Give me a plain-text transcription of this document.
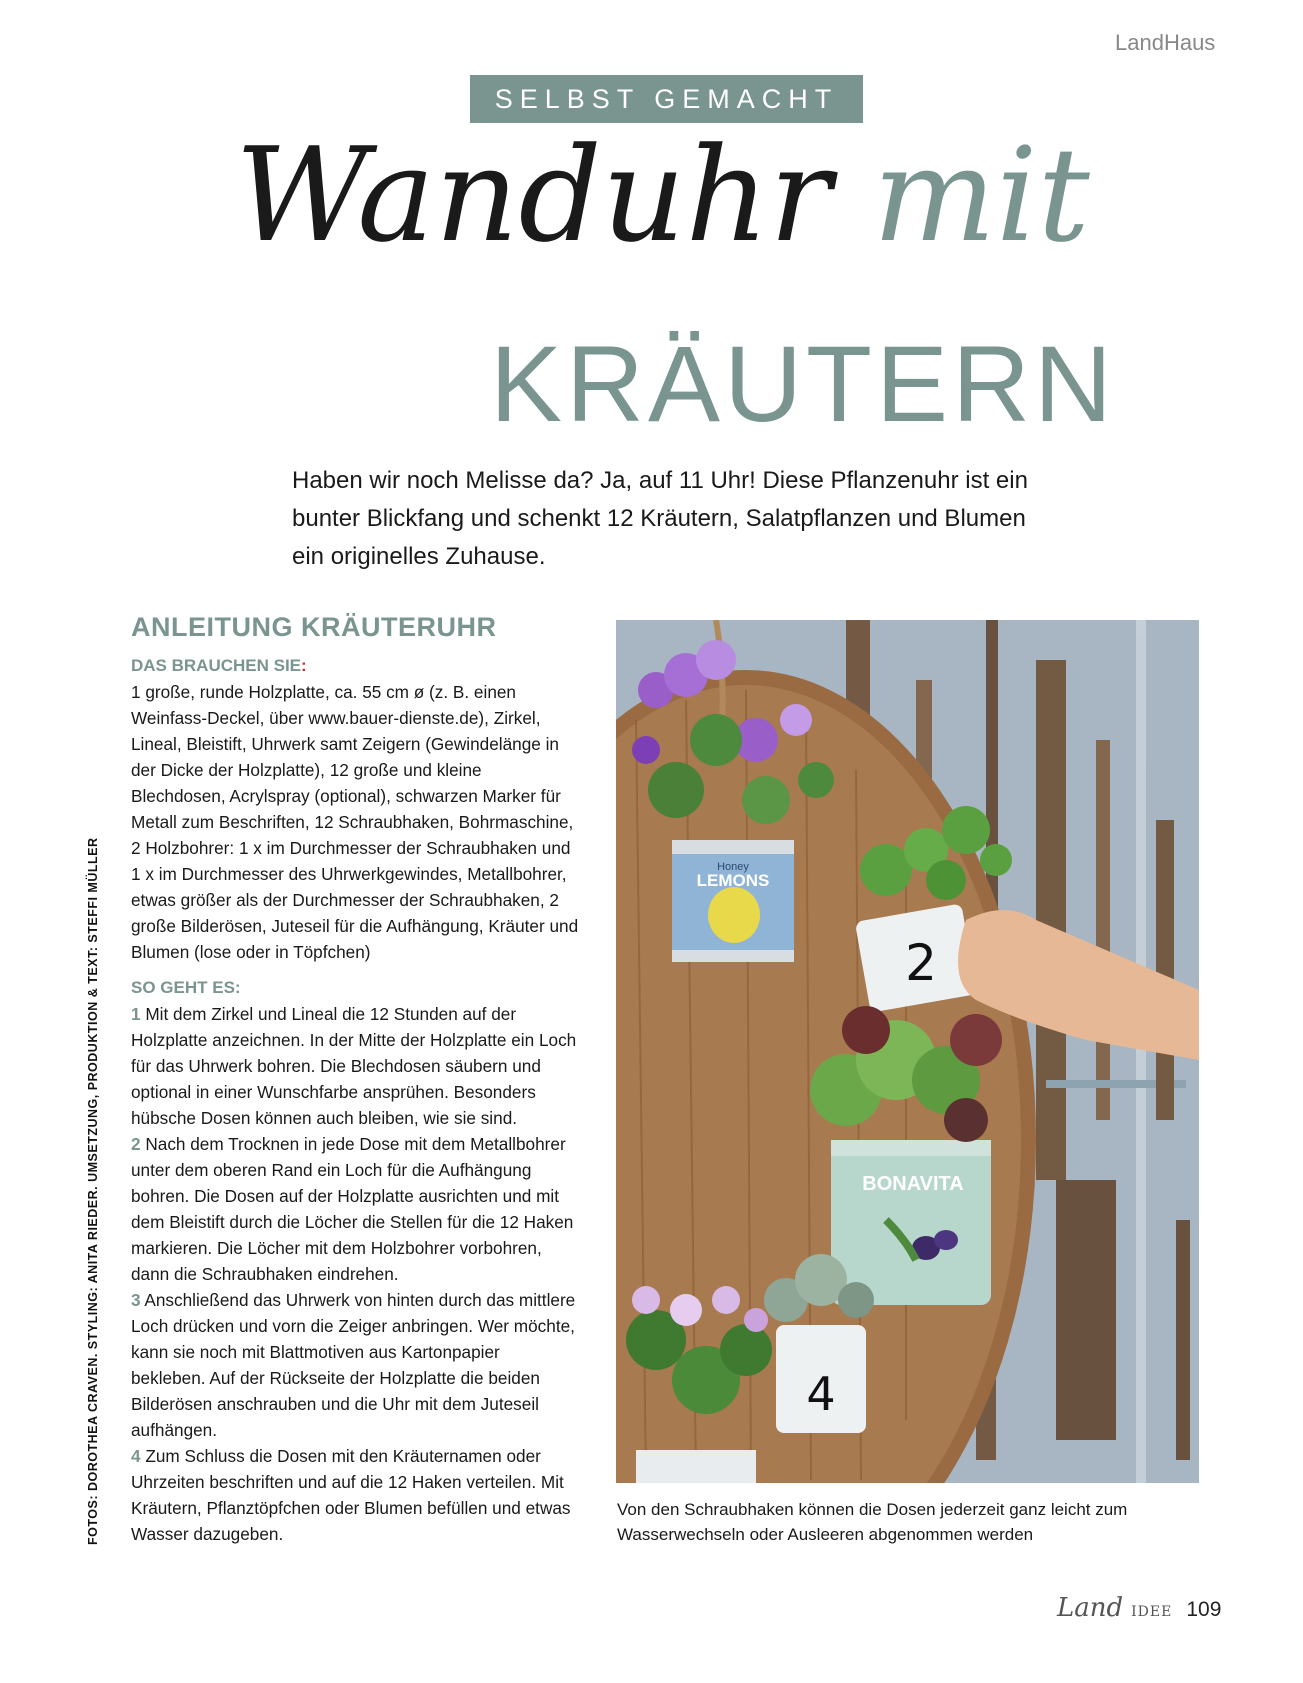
LandHaus
SELBST GEMACHT
Wanduhr mit
KRÄUTERN

Haben wir noch Melisse da? Ja, auf 11 Uhr! Diese Pflanzenuhr ist ein bunter Blickfang und schenkt 12 Kräutern, Salatpflanzen und Blumen ein originelles Zuhause.

ANLEITUNG KRÄUTERUHR

DAS BRAUCHEN SIE:

1 große, runde Holzplatte, ca. 55 cm ø (z. B. einen Weinfass-Deckel, über www.bauer-dienste.de), Zirkel, Lineal, Bleistift, Uhrwerk samt Zeigern (Gewindelänge in der Dicke der Holzplatte), 12 große und kleine Blechdosen, Acrylspray (optional), schwarzen Marker für Metall zum Beschriften, 12 Schraubhaken, Bohrmaschine, 2 Holzbohrer: 1 x im Durchmesser der Schraubhaken und 1 x im Durchmesser des Uhrwerkgewindes, Metallbohrer, etwas größer als der Durchmesser der Schraubhaken, 2 große Bilderösen, Juteseil für die Aufhängung, Kräuter und Blumen (lose oder in Töpfchen)

SO GEHT ES:

1 Mit dem Zirkel und Lineal die 12 Stunden auf der Holzplatte anzeichnen. In der Mitte der Holzplatte ein Loch für das Uhrwerk bohren. Die Blechdosen säubern und optional in einer Wunschfarbe ansprühen. Besonders hübsche Dosen können auch bleiben, wie sie sind.

2 Nach dem Trocknen in jede Dose mit dem Metallbohrer unter dem oberen Rand ein Loch für die Aufhängung bohren. Die Dosen auf der Holzplatte ausrichten und mit dem Bleistift durch die Löcher die Stellen für die 12 Haken markieren. Die Löcher mit dem Holzbohrer vorbohren, dann die Schraubhaken eindrehen.

3 Anschließend das Uhrwerk von hinten durch das mittlere Loch drücken und vorn die Zeiger anbringen. Wer möchte, kann sie noch mit Blattmotiven aus Kartonpapier bekleben. Auf der Rückseite der Holzplatte die beiden Bilderösen anschrauben und die Uhr mit dem Juteseil aufhängen.

4 Zum Schluss die Dosen mit den Kräuternamen oder Uhrzeiten beschriften und auf die 12 Haken verteilen. Mit Kräutern, Pflanztöpfchen oder Blumen befüllen und etwas Wasser dazugeben.

FOTOS: DOROTHEA CRAVEN. STYLING: ANITA RIEDER. UMSETZUNG, PRODUKTION & TEXT: STEFFI MÜLLER	Honey
LEMONS
2
BONAVITA
4

Von den Schraubhaken können die Dosen jederzeit ganz leicht zum Wasserwechseln oder Ausleeren abgenommen werden

Land IDEE 109
